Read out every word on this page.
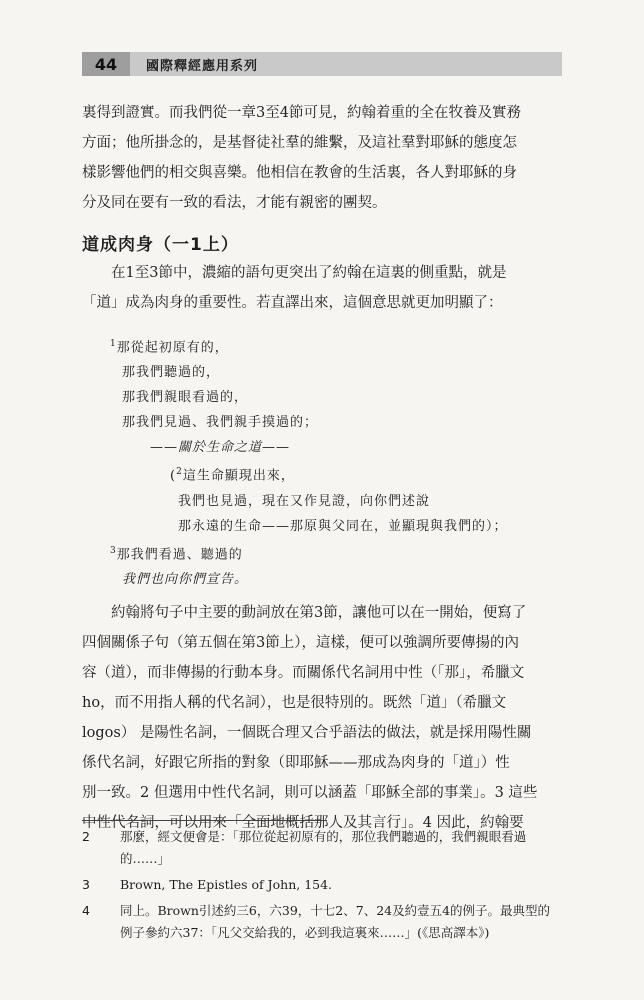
44	國際釋經應用系列

裏得到證實。而我們從一章3至4節可見，約翰着重的全在牧養及實務

方面；他所掛念的，是基督徒社羣的維繫，及這社羣對耶穌的態度怎

樣影響他們的相交與喜樂。他相信在教會的生活裏，各人對耶穌的身

分及同在要有一致的看法，才能有親密的團契。

道成肉身（一1上）

在1至3節中，濃縮的語句更突出了約翰在這裏的側重點，就是

「道」成為肉身的重要性。若直譯出來，這個意思就更加明顯了：

$^1$那從起初原有的，
那我們聽過的，
那我們親眼看過的，
那我們見過、我們親手摸過的；
——關於生命之道——
($^2$這生命顯現出來，
我們也見過，現在又作見證，向你們述說
那永遠的生命——那原與父同在，並顯現與我們的）；
$^3$那我們看過、聽過的
我們也向你們宣告。

約翰將句子中主要的動詞放在第3節，讓他可以在一開始，便寫了

四個關係子句（第五個在第3節上），這樣，便可以強調所要傳揚的內

容（道），而非傳揚的行動本身。而關係代名詞用中性（「那」，希臘文

ho，而不用指人稱的代名詞），也是很特別的。既然「道」（希臘文

logos） 是陽性名詞，一個既合理又合乎語法的做法，就是採用陽性關

係代名詞，好跟它所指的對象（即耶穌——那成為肉身的「道」）性

別一致。2 但選用中性代名詞，則可以涵蓋「耶穌全部的事業」。3 這些

中性代名詞，可以用來「全面地概括那人及其言行」。4 因此，約翰要

2	那麼，經文便會是：「那位從起初原有的，那位我們聽過的，我們親眼看過的……」
3	Brown, The Epistles of John, 154.
4	同上。Brown引述約三6，六39，十七2、7、24及約壹五4的例子。最典型的例子參約六37：「凡父交給我的，必到我這裏來……」(《思高譯本》)
